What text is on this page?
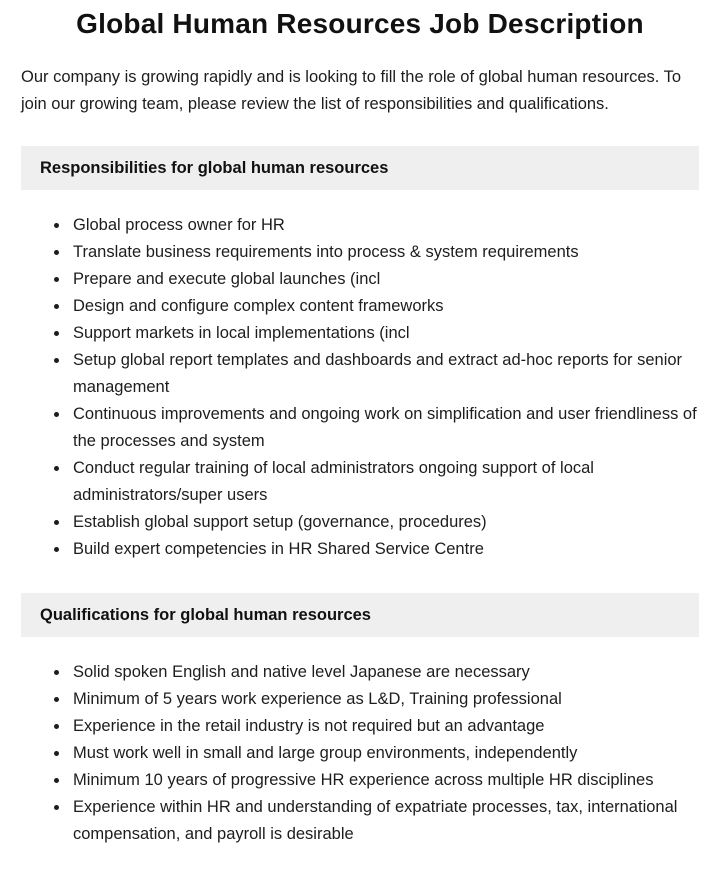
Global Human Resources Job Description

Our company is growing rapidly and is looking to fill the role of global human resources. To join our growing team, please review the list of responsibilities and qualifications.

Responsibilities for global human resources
• Global process owner for HR
• Translate business requirements into process & system requirements
• Prepare and execute global launches (incl
• Design and configure complex content frameworks
• Support markets in local implementations (incl
• Setup global report templates and dashboards and extract ad-hoc reports for senior management
• Continuous improvements and ongoing work on simplification and user friendliness of the processes and system
• Conduct regular training of local administrators ongoing support of local administrators/super users
• Establish global support setup (governance, procedures)
• Build expert competencies in HR Shared Service Centre
Qualifications for global human resources
• Solid spoken English and native level Japanese are necessary
• Minimum of 5 years work experience as L&D, Training professional
• Experience in the retail industry is not required but an advantage
• Must work well in small and large group environments, independently
• Minimum 10 years of progressive HR experience across multiple HR disciplines
• Experience within HR and understanding of expatriate processes, tax, international compensation, and payroll is desirable
